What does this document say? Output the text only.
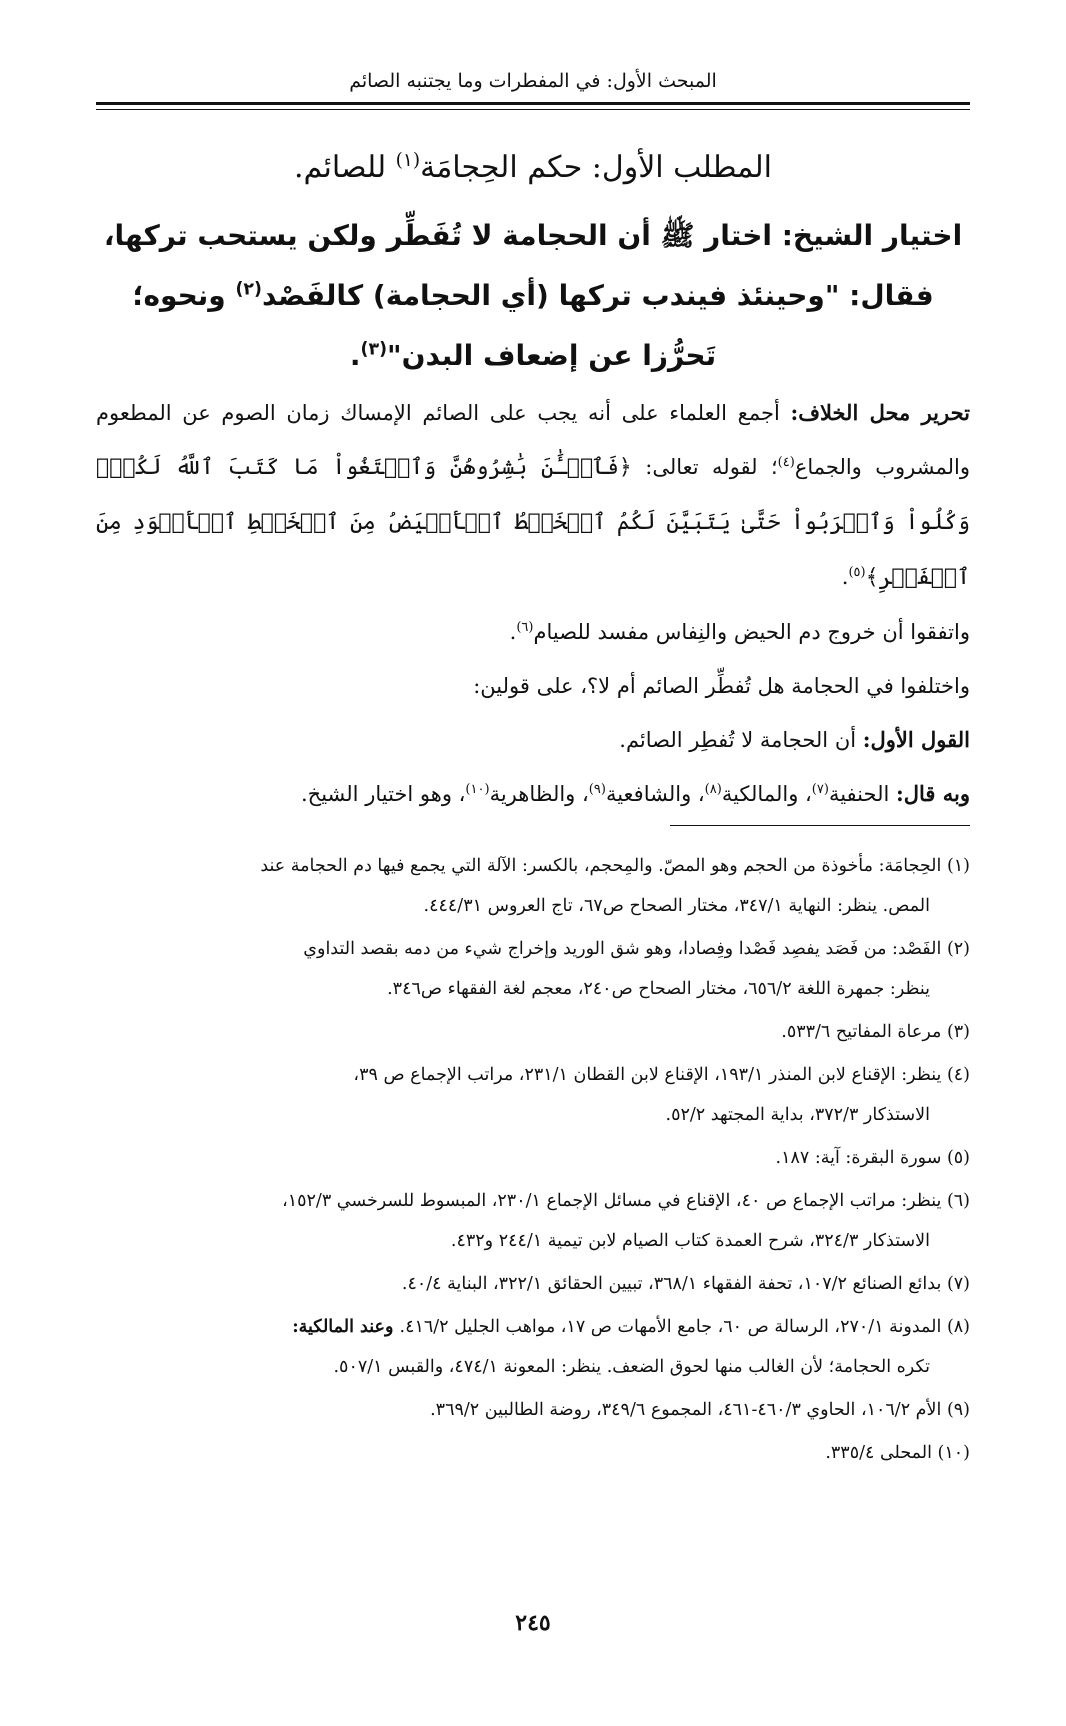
المبحث الأول: في المفطرات وما يجتنبه الصائم
المطلب الأول: حكم الحِجامَة$^{(١)}$ للصائم.
اختيار الشيخ: اختار ﷺ أن الحجامة لا تُفَطِّر ولكن يستحب تركها، فقال: "وحينئذ فيندب تركها (أي الحجامة) كالفَصْد$^{(٢)}$ ونحوه؛ تَحرُّزا عن إضعاف البدن"$^{(٣)}$.

تحرير محل الخلاف: أجمع العلماء على أنه يجب على الصائم الإمساك زمان الصوم عن المطعوم والمشروب والجماع$^{(٤)}$؛ لقوله تعالى: ﴿فَٱلۡـَٰٔنَ بَٰشِرُوهُنَّ وَٱبۡتَغُواْ مَا كَتَبَ ٱللَّهُ لَكُمۡۚ وَكُلُواْ وَٱشۡرَبُواْ حَتَّىٰ يَتَبَيَّنَ لَكُمُ ٱلۡخَيۡطُ ٱلۡأَبۡيَضُ مِنَ ٱلۡخَيۡطِ ٱلۡأَسۡوَدِ مِنَ ٱلۡفَجۡرِ﴾$^{(٥)}$.

واتفقوا أن خروج دم الحيض والنِفاس مفسد للصيام$^{(٦)}$.

واختلفوا في الحجامة هل تُفطِّر الصائم أم لا؟، على قولين:

القول الأول: أن الحجامة لا تُفطِر الصائم.

وبه قال: الحنفية$^{(٧)}$، والمالكية$^{(٨)}$، والشافعية$^{(٩)}$، والظاهرية$^{(١٠)}$، وهو اختيار الشيخ.

(١) الحِجامَة: مأخوذة من الحجم وهو المصّ. والمِحجم، بالكسر: الآلة التي يجمع فيها دم الحجامة عند
المص. ينظر: النهاية ٣٤٧/١، مختار الصحاح ص٦٧، تاج العروس ٤٤٤/٣١.
(٢) الفَصْد: من فَصَد يفصِد فَصْدا وفِصادا، وهو شق الوريد وإخراج شيء من دمه بقصد التداوي
ينظر: جمهرة اللغة ٦٥٦/٢، مختار الصحاح ص٢٤٠، معجم لغة الفقهاء ص٣٤٦.
(٣) مرعاة المفاتيح ٥٣٣/٦.
(٤) ينظر: الإقناع لابن المنذر ١٩٣/١، الإقناع لابن القطان ٢٣١/١، مراتب الإجماع ص ٣٩،
الاستذكار ٣٧٢/٣، بداية المجتهد ٥٢/٢.
(٥) سورة البقرة: آية: ١٨٧.
(٦) ينظر: مراتب الإجماع ص ٤٠، الإقناع في مسائل الإجماع ٢٣٠/١، المبسوط للسرخسي ١٥٢/٣،
الاستذكار ٣٢٤/٣، شرح العمدة كتاب الصيام لابن تيمية ٢٤٤/١ و٤٣٢.
(٧) بدائع الصنائع ١٠٧/٢، تحفة الفقهاء ٣٦٨/١، تبيين الحقائق ٣٢٢/١، البناية ٤٠/٤.
(٨) المدونة ٢٧٠/١، الرسالة ص ٦٠، جامع الأمهات ص ١٧، مواهب الجليل ٤١٦/٢. وعند المالكية:
تكره الحجامة؛ لأن الغالب منها لحوق الضعف. ينظر: المعونة ٤٧٤/١، والقبس ٥٠٧/١.
(٩) الأم ١٠٦/٢، الحاوي ٤٦٠/٣-٤٦١، المجموع ٣٤٩/٦، روضة الطالبين ٣٦٩/٢.
(١٠) المحلى ٣٣٥/٤.
٢٤٥
